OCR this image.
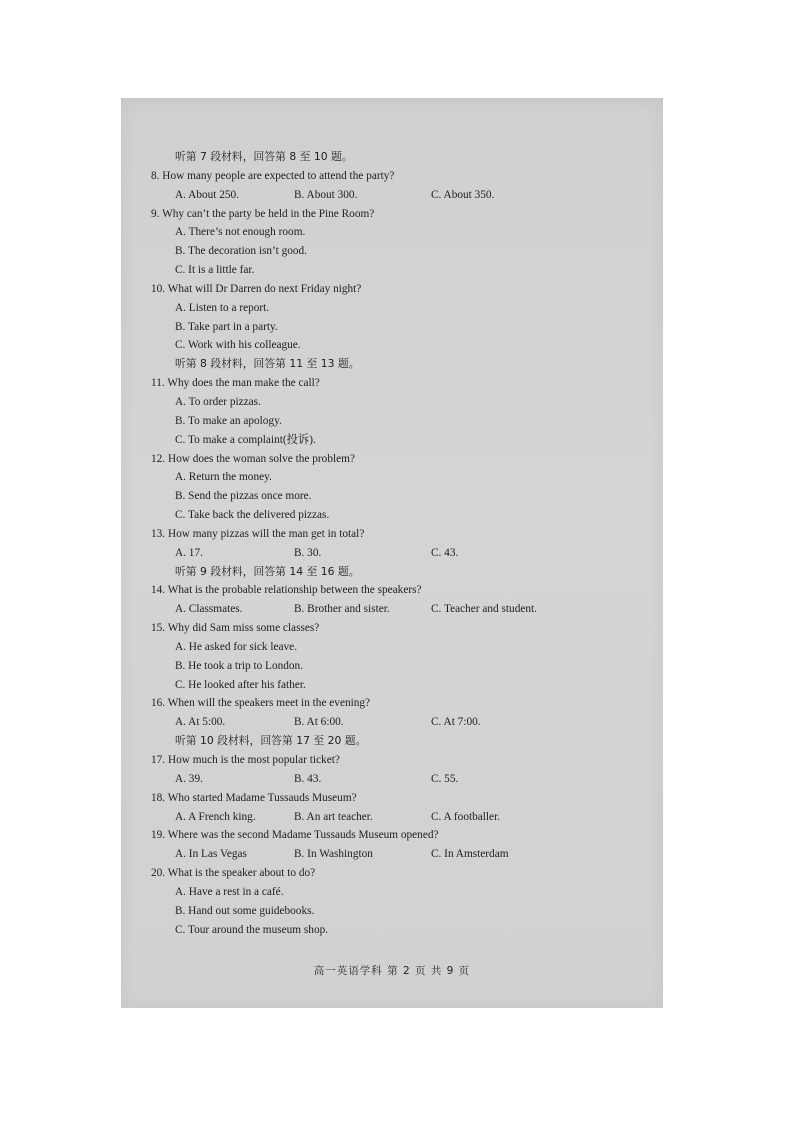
听第 7 段材料，回答第 8 至 10 题。
8. How many people are expected to attend the party?
A. About 250.	B. About 300.	C. About 350.
9. Why can’t the party be held in the Pine Room?
A. There’s not enough room.
B. The decoration isn’t good.
C. It is a little far.
10. What will Dr Darren do next Friday night?
A. Listen to a report.
B. Take part in a party.
C. Work with his colleague.
听第 8 段材料，回答第 11 至 13 题。
11. Why does the man make the call?
A. To order pizzas.
B. To make an apology.
C. To make a complaint(投诉).
12. How does the woman solve the problem?
A. Return the money.
B. Send the pizzas once more.
C. Take back the delivered pizzas.
13. How many pizzas will the man get in total?
A. 17.	B. 30.	C. 43.
听第 9 段材料，回答第 14 至 16 题。
14. What is the probable relationship between the speakers?
A. Classmates.	B. Brother and sister.	C. Teacher and student.
15. Why did Sam miss some classes?
A. He asked for sick leave.
B. He took a trip to London.
C. He looked after his father.
16. When will the speakers meet in the evening?
A. At 5:00.	B. At 6:00.	C. At 7:00.
听第 10 段材料，回答第 17 至 20 题。
17. How much is the most popular ticket?
A. 39.	B. 43.	C. 55.
18. Who started Madame Tussauds Museum?
A. A French king.	B. An art teacher.	C. A footballer.
19. Where was the second Madame Tussauds Museum opened?
A. In Las Vegas	B. In Washington	C. In Amsterdam
20. What is the speaker about to do?
A. Have a rest in a café.
B. Hand out some guidebooks.
C. Tour around the museum shop.
高一英语学科 第 2 页 共 9 页
